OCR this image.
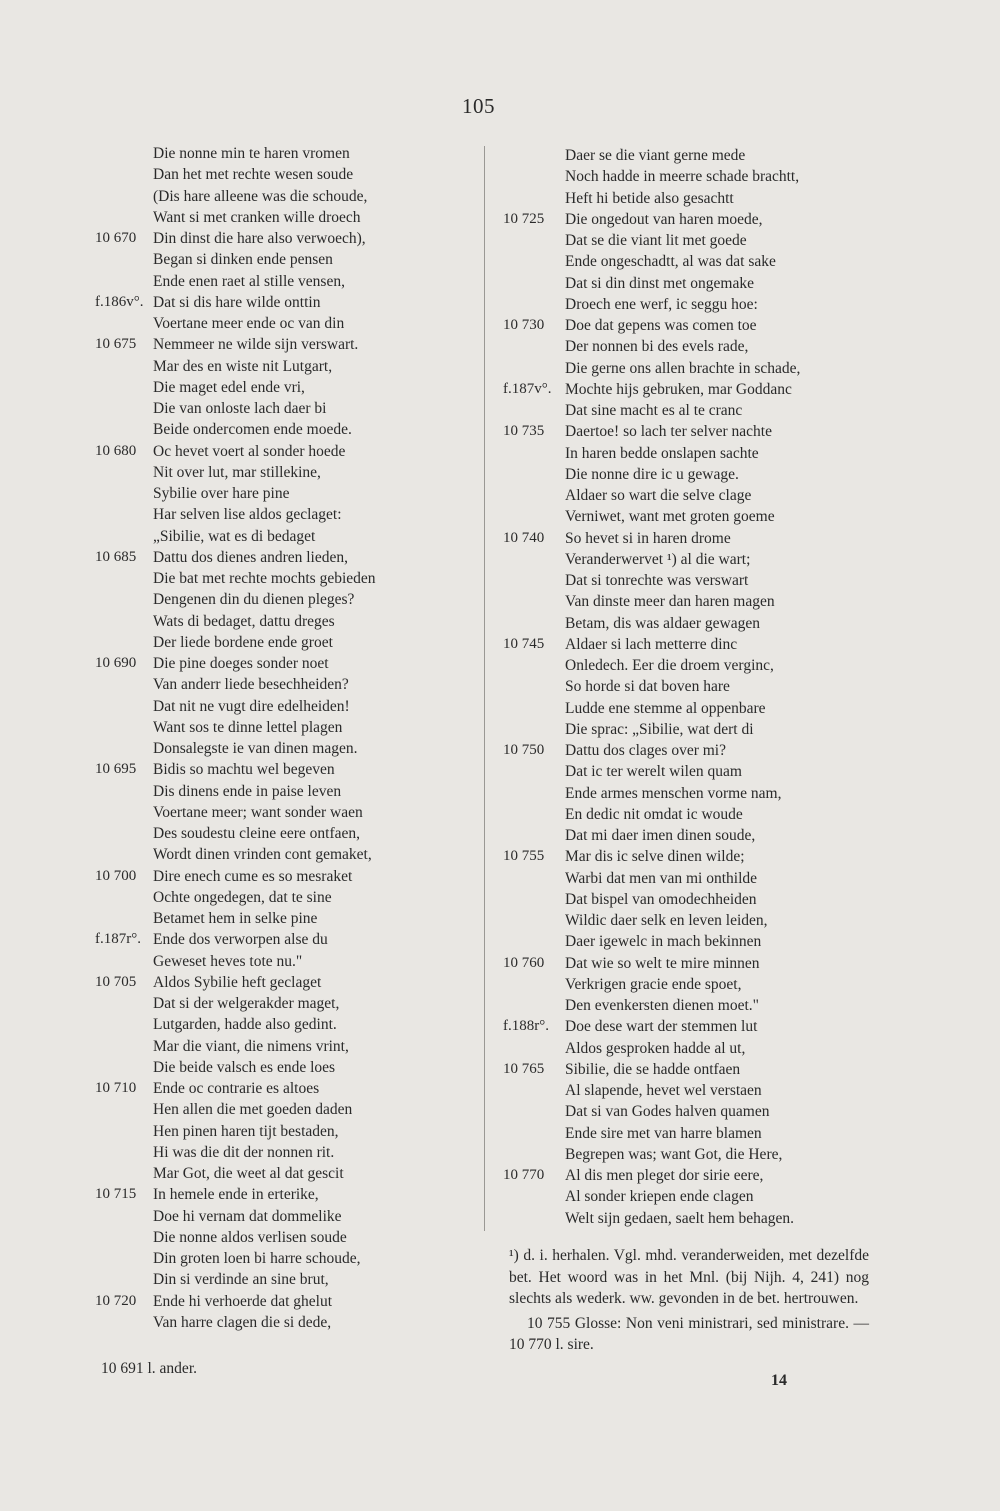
105
Die nonne min te haren vromen
Dan het met rechte wesen soude
(Dis hare alleene was die schoude,
Want si met cranken wille droech
10 670 Din dinst die hare also verwoech),
Began si dinken ende pensen
Ende enen raet al stille vensen,
f.186v°. Dat si dis hare wilde onttin
Voertane meer ende oc van din
10 675 Nemmeer ne wilde sijn verswart.
Mar des en wiste nit Lutgart,
Die maget edel ende vri,
Die van onloste lach daer bi
Beide ondercomen ende moede.
10 680 Oc hevet voert al sonder hoede
Nit over lut, mar stillekine,
Sybilie over hare pine
Har selven lise aldos geclaget:
„Sibilie, wat es di bedaget
10 685 Dattu dos dienes andren lieden,
Die bat met rechte mochts gebieden
Dengenen din du dienen pleges?
Wats di bedaget, dattu dreges
Der liede bordene ende groet
10 690 Die pine doeges sonder noet
Van anderr liede besechheiden?
Dat nit ne vugt dire edelheiden!
Want sos te dinne lettel plagen
Donsalegste ie van dinen magen.
10 695 Bidis so machtu wel begeven
Dis dinens ende in paise leven
Voertane meer; want sonder waen
Des soudestu cleine eere ontfaen,
Wordt dinen vrinden cont gemaket,
10 700 Dire enech cume es so mesraket
Ochte ongedegen, dat te sine
Betamet hem in selke pine
f.187r°. Ende dos verworpen alse du
Geweset heves tote nu."
10 705 Aldos Sybilie heft geclaget
Dat si der welgerakder maget,
Lutgarden, hadde also gedint.
Mar die viant, die nimens vrint,
Die beide valsch es ende loes
10 710 Ende oc contrarie es altoes
Hen allen die met goeden daden
Hen pinen haren tijt bestaden,
Hi was die dit der nonnen rit.
Mar Got, die weet al dat gescit
10 715 In hemele ende in erterike,
Doe hi vernam dat dommelike
Die nonne aldos verlisen soude
Din groten loen bi harre schoude,
Din si verdinde an sine brut,
10 720 Ende hi verhoerde dat ghelut
Van harre clagen die si dede,
Daer se die viant gerne mede
Noch hadde in meerre schade brachtt,
Heft hi betide also gesachtt
10 725 Die ongedout van haren moede,
Dat se die viant lit met goede
Ende ongeschadtt, al was dat sake
Dat si din dinst met ongemake
Droech ene werf, ic seggu hoe:
10 730 Doe dat gepens was comen toe
Der nonnen bi des evels rade,
Die gerne ons allen brachte in schade,
f.187v°. Mochte hijs gebruken, mar Goddanc
Dat sine macht es al te cranc
10 735 Daertoe! so lach ter selver nachte
In haren bedde onslapen sachte
Die nonne dire ic u gewage.
Aldaer so wart die selve clage
Verniwet, want met groten goeme
10 740 So hevet si in haren drome
Veranderwervet ¹) al die wart;
Dat si tonrechte was verswart
Van dinste meer dan haren magen
Betam, dis was aldaer gewagen
10 745 Aldaer si lach metterre dinc
Onledech. Eer die droem verginc,
So horde si dat boven hare
Ludde ene stemme al oppenbare
Die sprac: „Sibilie, wat dert di
10 750 Dattu dos clages over mi?
Dat ic ter werelt wilen quam
Ende armes menschen vorme nam,
En dedic nit omdat ic woude
Dat mi daer imen dinen soude,
10 755 Mar dis ic selve dinen wilde;
Warbi dat men van mi onthilde
Dat bispel van omodechheiden
Wildic daer selk en leven leiden,
Daer igewelc in mach bekinnen
10 760 Dat wie so welt te mire minnen
Verkrigen gracie ende spoet,
Den evenkersten dienen moet."
f.188r°. Doe dese wart der stemmen lut
Aldos gesproken hadde al ut,
10 765 Sibilie, die se hadde ontfaen
Al slapende, hevet wel verstaen
Dat si van Godes halven quamen
Ende sire met van harre blamen
Begrepen was; want Got, die Here,
10 770 Al dis men pleget dor sirie eere,
Al sonder kriepen ende clagen
Welt sijn gedaen, saelt hem behagen.

¹) d. i. herhalen. Vgl. mhd. veranderweiden, met dezelfde bet. Het woord was in het Mnl. (bij Nijh. 4, 241) nog slechts als wederk. ww. gevonden in de bet. hertrouwen.

10 755 Glosse: Non veni ministrari, sed ministrare. — 10 770 l. sire.

10 691 l. ander.
14
